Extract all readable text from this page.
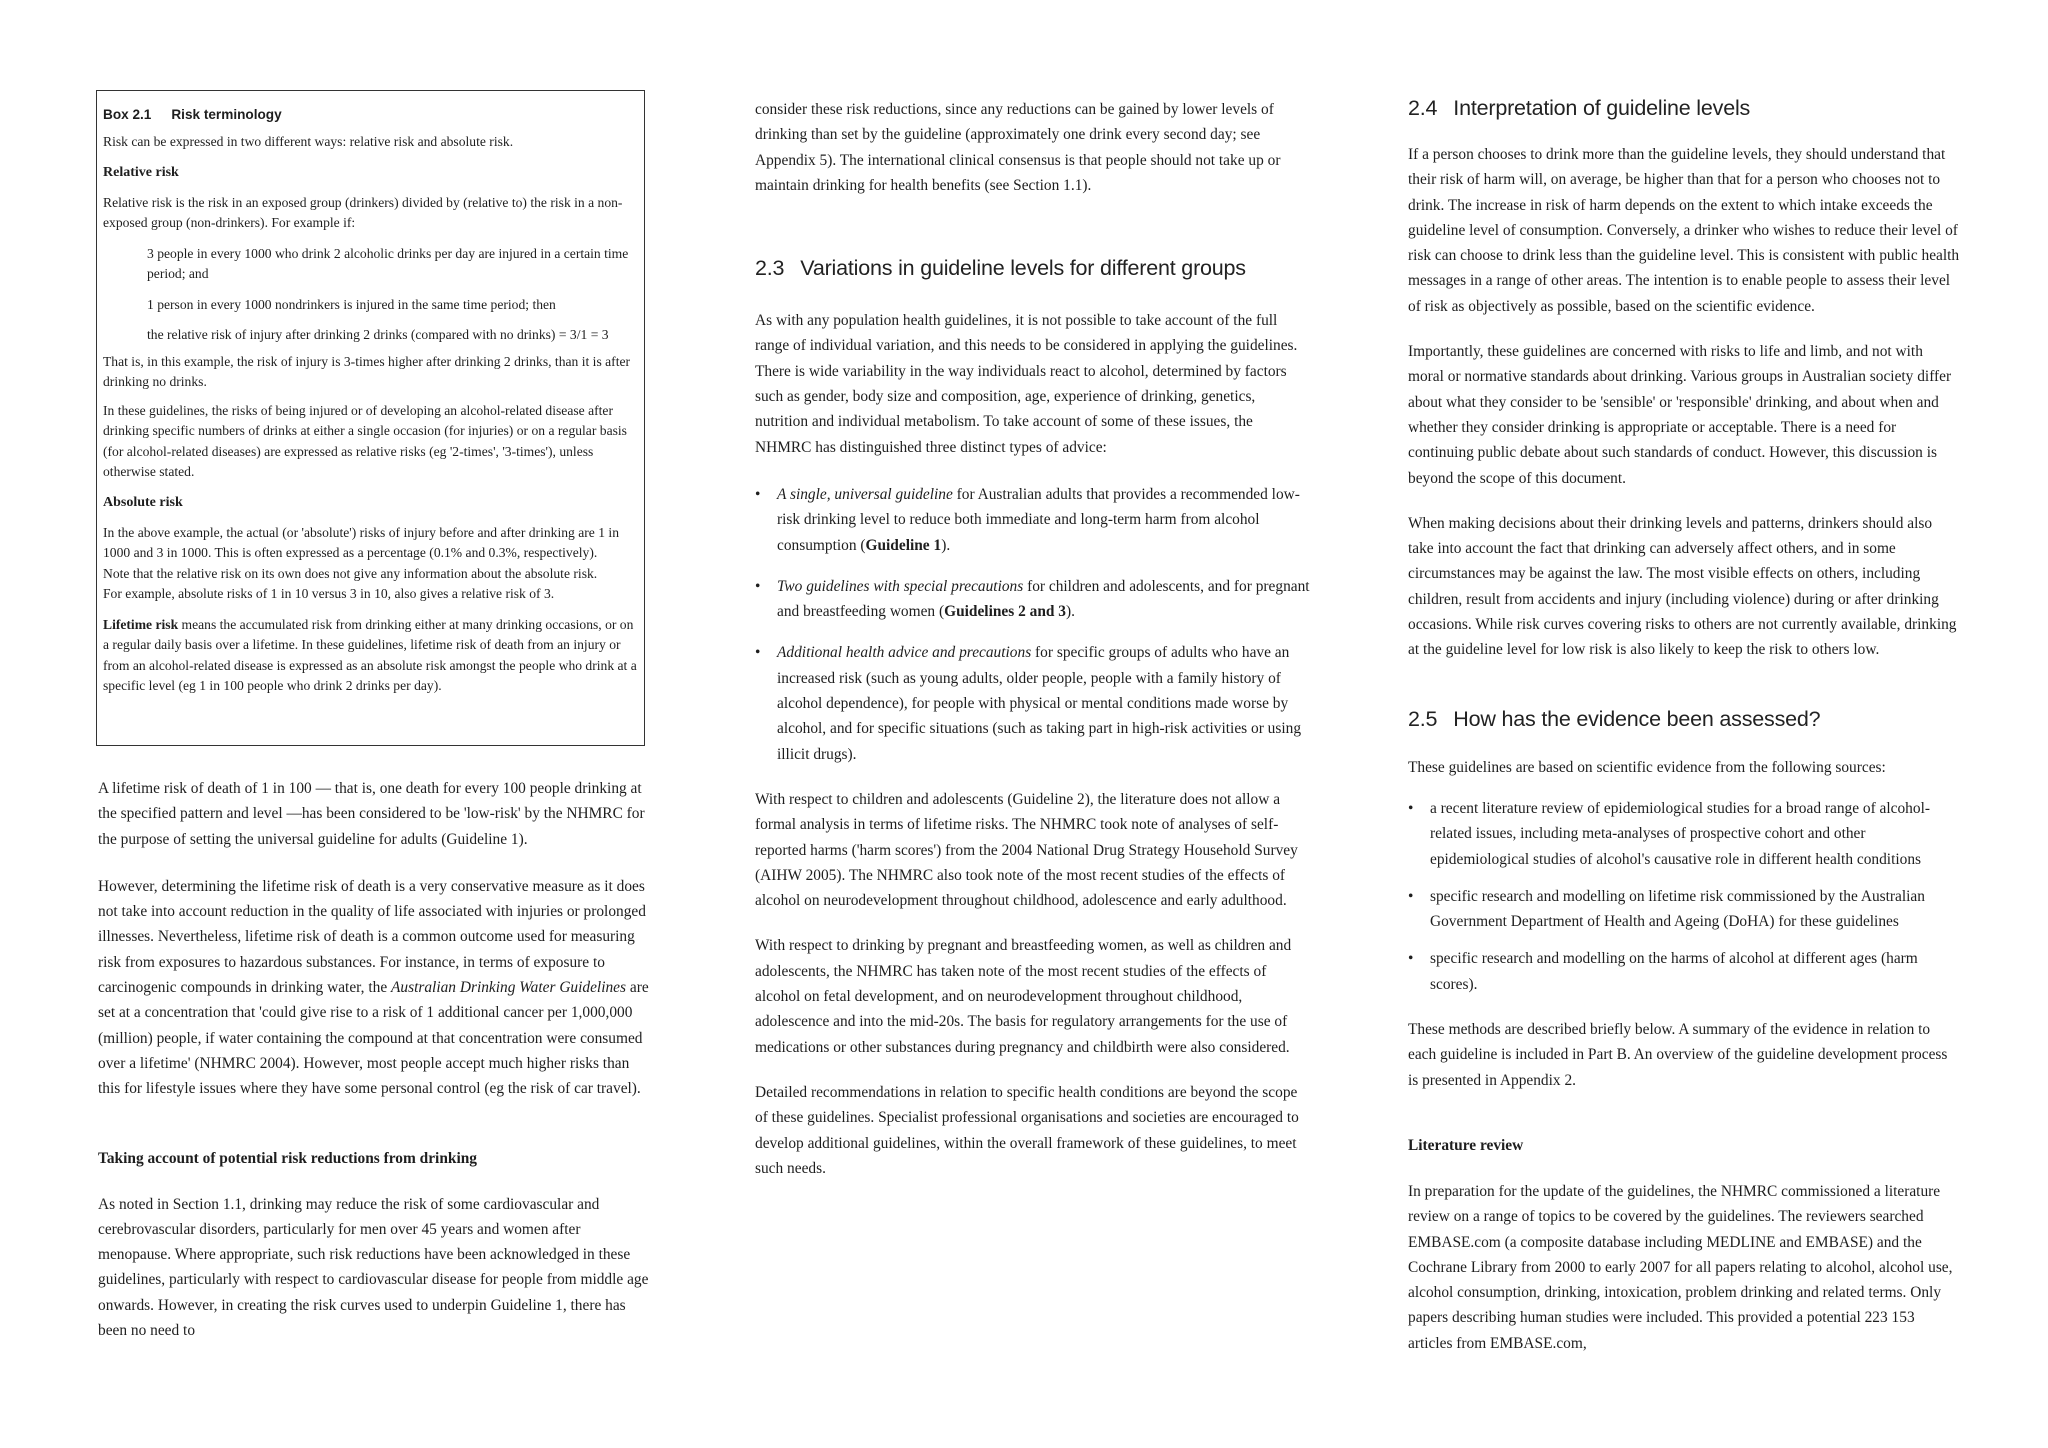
Box 2.1 Risk terminology

Risk can be expressed in two different ways: relative risk and absolute risk.

Relative risk

Relative risk is the risk in an exposed group (drinkers) divided by (relative to) the risk in a non-exposed group (non-drinkers). For example if:

3 people in every 1000 who drink 2 alcoholic drinks per day are injured in a certain time period; and

1 person in every 1000 nondrinkers is injured in the same time period; then

the relative risk of injury after drinking 2 drinks (compared with no drinks) = 3/1 = 3

That is, in this example, the risk of injury is 3-times higher after drinking 2 drinks, than it is after drinking no drinks.

In these guidelines, the risks of being injured or of developing an alcohol-related disease after drinking specific numbers of drinks at either a single occasion (for injuries) or on a regular basis (for alcohol-related diseases) are expressed as relative risks (eg '2-times', '3-times'), unless otherwise stated.

Absolute risk

In the above example, the actual (or 'absolute') risks of injury before and after drinking are 1 in 1000 and 3 in 1000. This is often expressed as a percentage (0.1% and 0.3%, respectively).

Note that the relative risk on its own does not give any information about the absolute risk.

For example, absolute risks of 1 in 10 versus 3 in 10, also gives a relative risk of 3.

Lifetime risk means the accumulated risk from drinking either at many drinking occasions, or on a regular daily basis over a lifetime. In these guidelines, lifetime risk of death from an injury or from an alcohol-related disease is expressed as an absolute risk amongst the people who drink at a specific level (eg 1 in 100 people who drink 2 drinks per day).

A lifetime risk of death of 1 in 100 — that is, one death for every 100 people drinking at the specified pattern and level —has been considered to be 'low-risk' by the NHMRC for the purpose of setting the universal guideline for adults (Guideline 1).

However, determining the lifetime risk of death is a very conservative measure as it does not take into account reduction in the quality of life associated with injuries or prolonged illnesses. Nevertheless, lifetime risk of death is a common outcome used for measuring risk from exposures to hazardous substances. For instance, in terms of exposure to carcinogenic compounds in drinking water, the Australian Drinking Water Guidelines are set at a concentration that 'could give rise to a risk of 1 additional cancer per 1,000,000 (million) people, if water containing the compound at that concentration were consumed over a lifetime' (NHMRC 2004). However, most people accept much higher risks than this for lifestyle issues where they have some personal control (eg the risk of car travel).

Taking account of potential risk reductions from drinking

As noted in Section 1.1, drinking may reduce the risk of some cardiovascular and cerebrovascular disorders, particularly for men over 45 years and women after menopause. Where appropriate, such risk reductions have been acknowledged in these guidelines, particularly with respect to cardiovascular disease for people from middle age onwards. However, in creating the risk curves used to underpin Guideline 1, there has been no need to

consider these risk reductions, since any reductions can be gained by lower levels of drinking than set by the guideline (approximately one drink every second day; see Appendix 5). The international clinical consensus is that people should not take up or maintain drinking for health benefits (see Section 1.1).

2.3 Variations in guideline levels for different groups

As with any population health guidelines, it is not possible to take account of the full range of individual variation, and this needs to be considered in applying the guidelines. There is wide variability in the way individuals react to alcohol, determined by factors such as gender, body size and composition, age, experience of drinking, genetics, nutrition and individual metabolism. To take account of some of these issues, the NHMRC has distinguished three distinct types of advice:

• A single, universal guideline for Australian adults that provides a recommended low-risk drinking level to reduce both immediate and long-term harm from alcohol consumption (Guideline 1).
• Two guidelines with special precautions for children and adolescents, and for pregnant and breastfeeding women (Guidelines 2 and 3).
• Additional health advice and precautions for specific groups of adults who have an increased risk (such as young adults, older people, people with a family history of alcohol dependence), for people with physical or mental conditions made worse by alcohol, and for specific situations (such as taking part in high-risk activities or using illicit drugs).

With respect to children and adolescents (Guideline 2), the literature does not allow a formal analysis in terms of lifetime risks. The NHMRC took note of analyses of self-reported harms ('harm scores') from the 2004 National Drug Strategy Household Survey (AIHW 2005). The NHMRC also took note of the most recent studies of the effects of alcohol on neurodevelopment throughout childhood, adolescence and early adulthood.

With respect to drinking by pregnant and breastfeeding women, as well as children and adolescents, the NHMRC has taken note of the most recent studies of the effects of alcohol on fetal development, and on neurodevelopment throughout childhood, adolescence and into the mid-20s. The basis for regulatory arrangements for the use of medications or other substances during pregnancy and childbirth were also considered.

Detailed recommendations in relation to specific health conditions are beyond the scope of these guidelines. Specialist professional organisations and societies are encouraged to develop additional guidelines, within the overall framework of these guidelines, to meet such needs.

2.4 Interpretation of guideline levels

If a person chooses to drink more than the guideline levels, they should understand that their risk of harm will, on average, be higher than that for a person who chooses not to drink. The increase in risk of harm depends on the extent to which intake exceeds the guideline level of consumption. Conversely, a drinker who wishes to reduce their level of risk can choose to drink less than the guideline level. This is consistent with public health messages in a range of other areas. The intention is to enable people to assess their level of risk as objectively as possible, based on the scientific evidence.

Importantly, these guidelines are concerned with risks to life and limb, and not with moral or normative standards about drinking. Various groups in Australian society differ about what they consider to be 'sensible' or 'responsible' drinking, and about when and whether they consider drinking is appropriate or acceptable. There is a need for continuing public debate about such standards of conduct. However, this discussion is beyond the scope of this document.

When making decisions about their drinking levels and patterns, drinkers should also take into account the fact that drinking can adversely affect others, and in some circumstances may be against the law. The most visible effects on others, including children, result from accidents and injury (including violence) during or after drinking occasions. While risk curves covering risks to others are not currently available, drinking at the guideline level for low risk is also likely to keep the risk to others low.

2.5 How has the evidence been assessed?

These guidelines are based on scientific evidence from the following sources:

• a recent literature review of epidemiological studies for a broad range of alcohol-related issues, including meta-analyses of prospective cohort and other epidemiological studies of alcohol's causative role in different health conditions
• specific research and modelling on lifetime risk commissioned by the Australian Government Department of Health and Ageing (DoHA) for these guidelines
• specific research and modelling on the harms of alcohol at different ages (harm scores).

These methods are described briefly below. A summary of the evidence in relation to each guideline is included in Part B. An overview of the guideline development process is presented in Appendix 2.

Literature review

In preparation for the update of the guidelines, the NHMRC commissioned a literature review on a range of topics to be covered by the guidelines. The reviewers searched EMBASE.com (a composite database including MEDLINE and EMBASE) and the Cochrane Library from 2000 to early 2007 for all papers relating to alcohol, alcohol use, alcohol consumption, drinking, intoxication, problem drinking and related terms. Only papers describing human studies were included. This provided a potential 223 153 articles from EMBASE.com,
